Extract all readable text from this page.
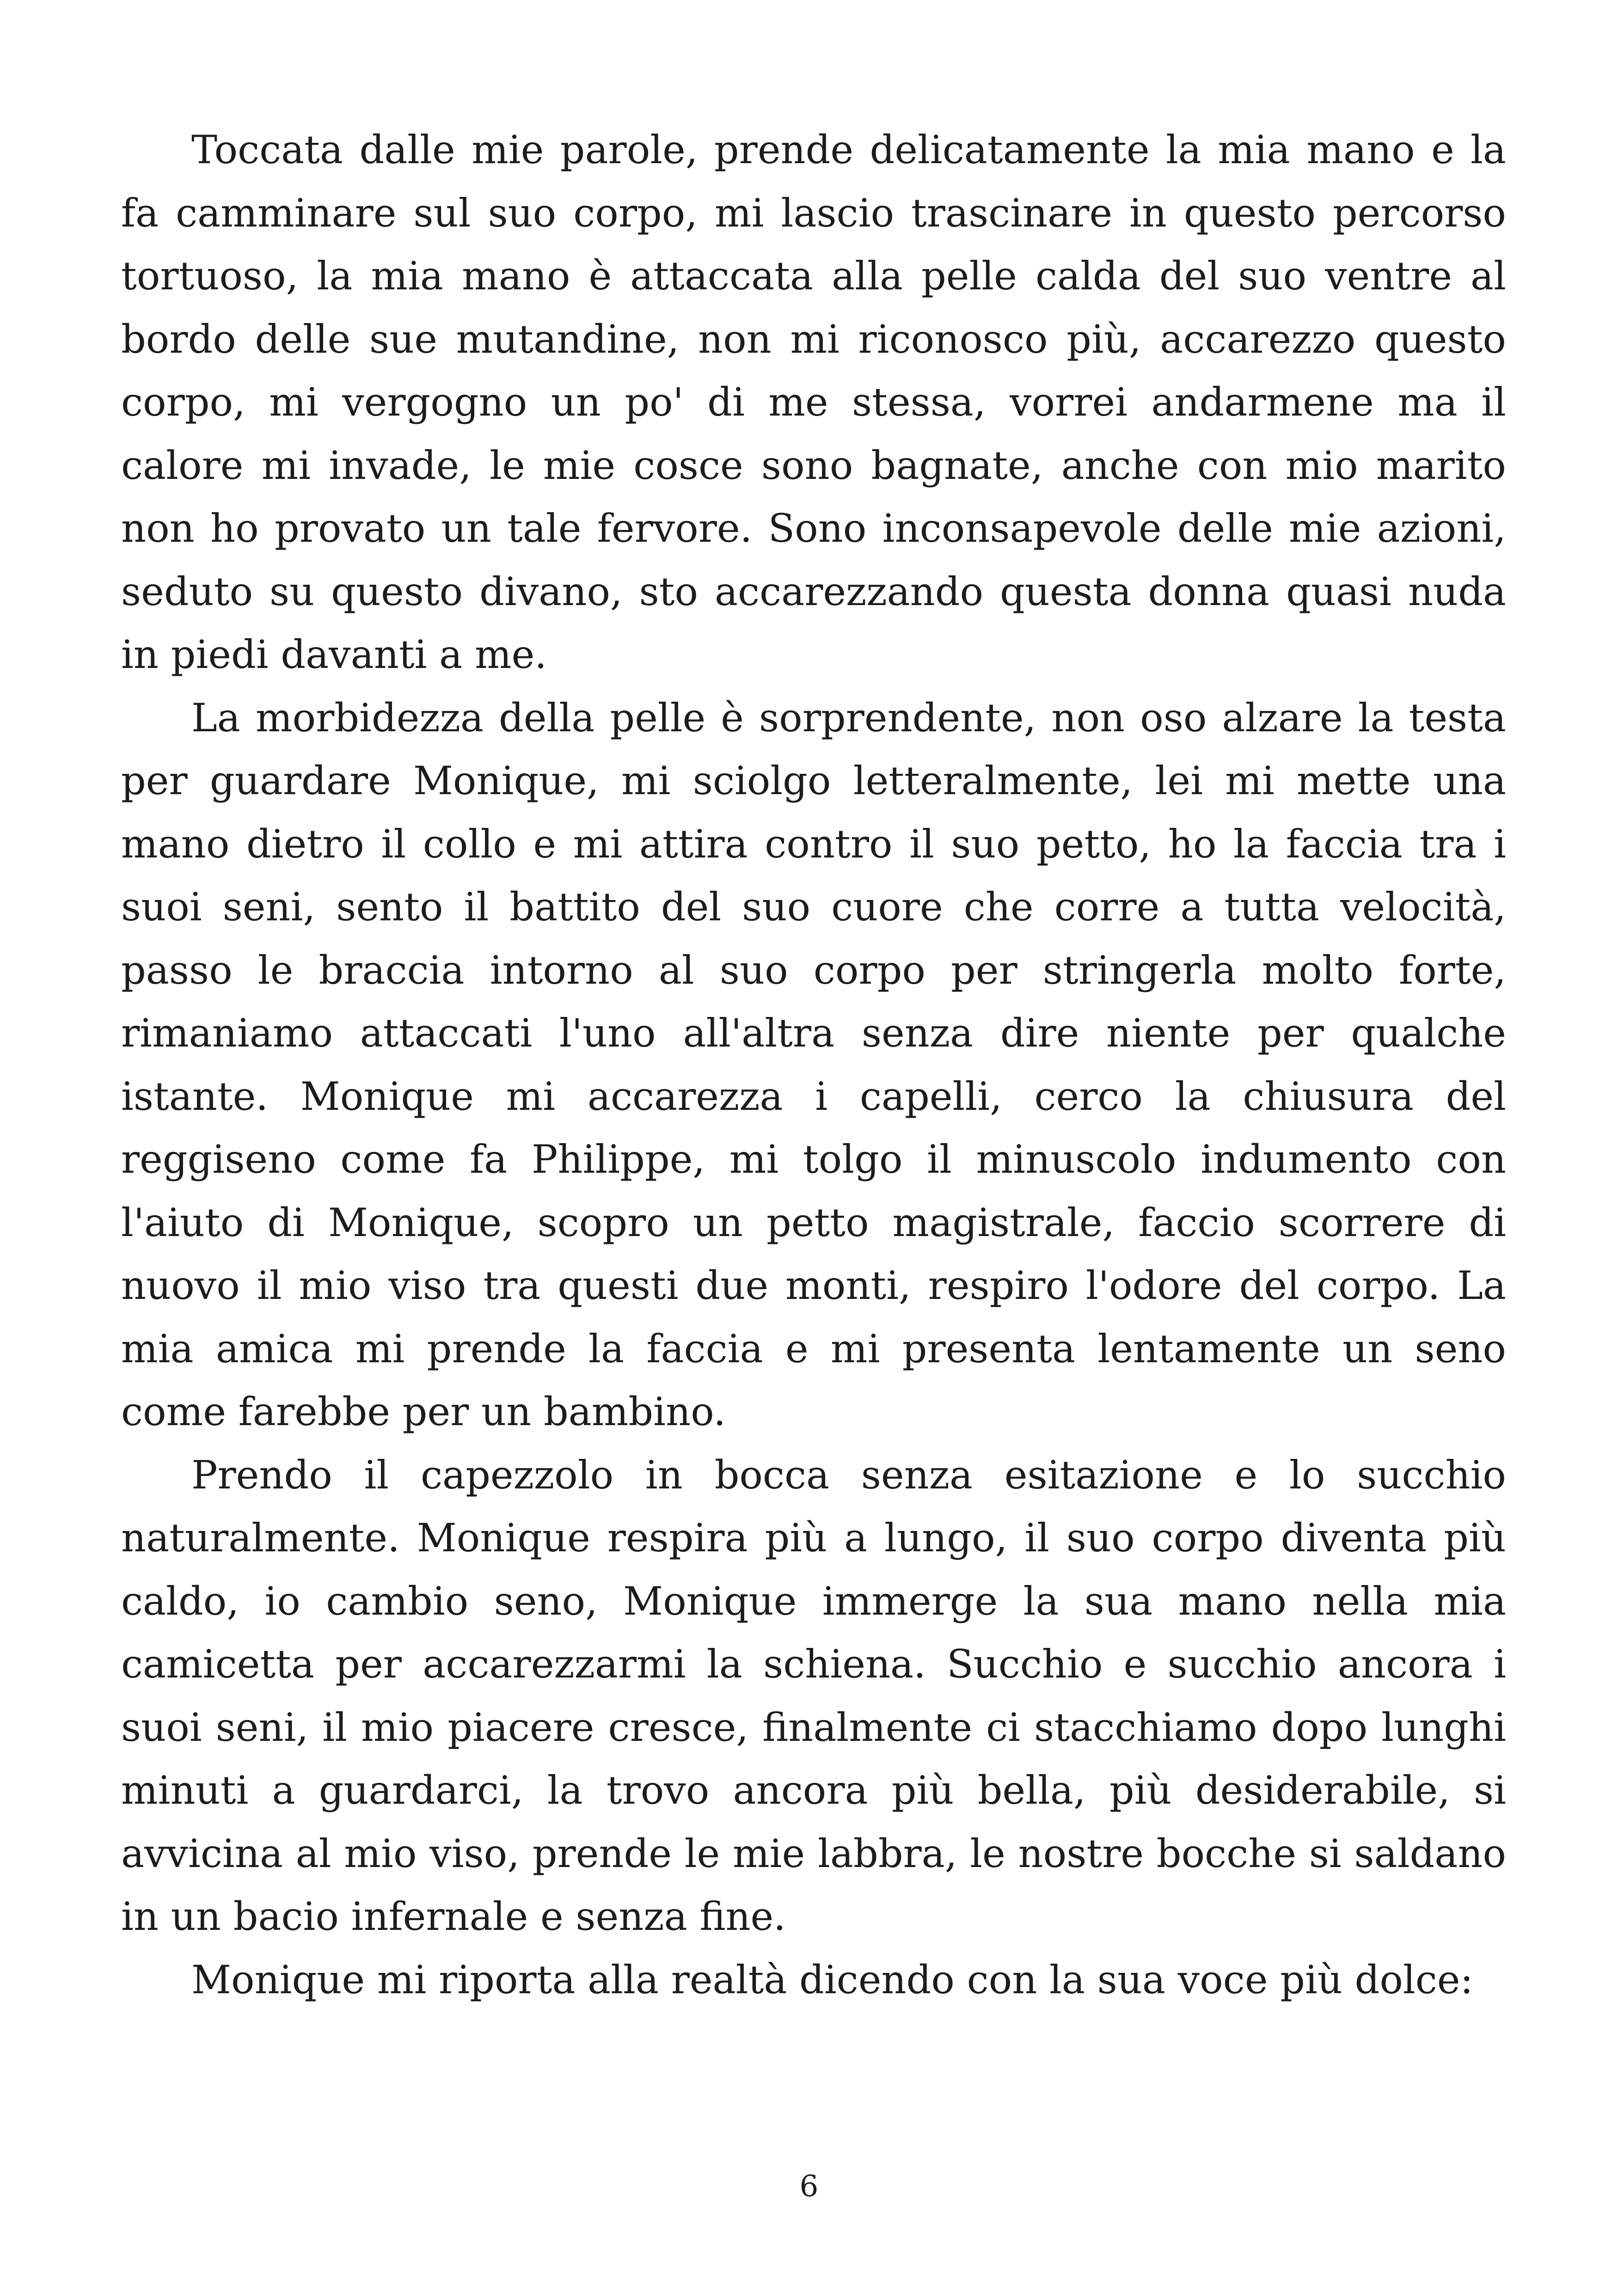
Toccata dalle mie parole, prende delicatamente la mia mano e la fa camminare sul suo corpo, mi lascio trascinare in questo percorso tortuoso, la mia mano è attaccata alla pelle calda del suo ventre al bordo delle sue mutandine, non mi riconosco più, accarezzo questo corpo, mi vergogno un po' di me stessa, vorrei andarmene ma il calore mi invade, le mie cosce sono bagnate, anche con mio marito non ho provato un tale fervore. Sono inconsapevole delle mie azioni, seduto su questo divano, sto accarezzando questa donna quasi nuda in piedi davanti a me.

La morbidezza della pelle è sorprendente, non oso alzare la testa per guardare Monique, mi sciolgo letteralmente, lei mi mette una mano dietro il collo e mi attira contro il suo petto, ho la faccia tra i suoi seni, sento il battito del suo cuore che corre a tutta velocità, passo le braccia intorno al suo corpo per stringerla molto forte, rimaniamo attaccati l'uno all'altra senza dire niente per qualche istante. Monique mi accarezza i capelli, cerco la chiusura del reggiseno come fa Philippe, mi tolgo il minuscolo indumento con l'aiuto di Monique, scopro un petto magistrale, faccio scorrere di nuovo il mio viso tra questi due monti, respiro l'odore del corpo. La mia amica mi prende la faccia e mi presenta lentamente un seno come farebbe per un bambino.

Prendo il capezzolo in bocca senza esitazione e lo succhio naturalmente. Monique respira più a lungo, il suo corpo diventa più caldo, io cambio seno, Monique immerge la sua mano nella mia camicetta per accarezzarmi la schiena. Succhio e succhio ancora i suoi seni, il mio piacere cresce, finalmente ci stacchiamo dopo lunghi minuti a guardarci, la trovo ancora più bella, più desiderabile, si avvicina al mio viso, prende le mie labbra, le nostre bocche si saldano in un bacio infernale e senza fine.

Monique mi riporta alla realtà dicendo con la sua voce più dolce:

6
